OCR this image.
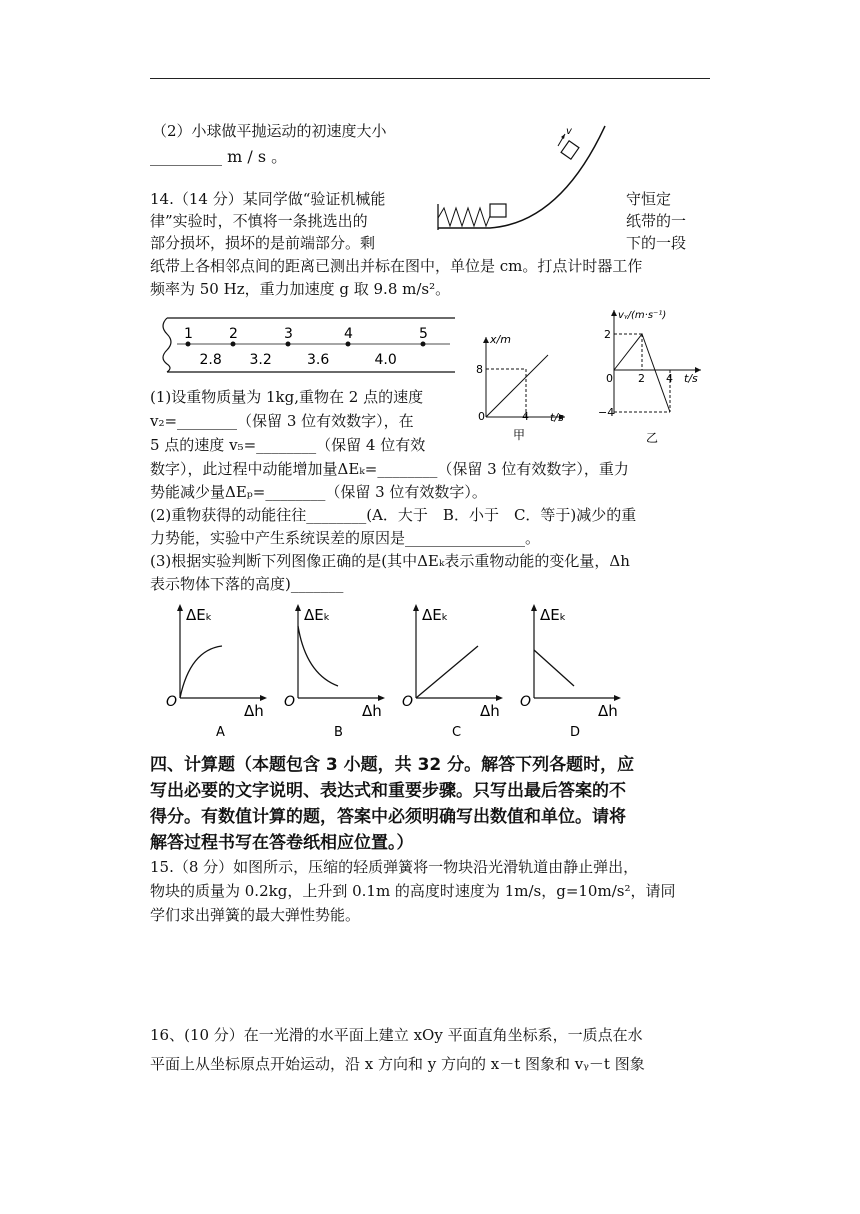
（2）小球做平抛运动的初速度大小
_________ m / s 。
v
14.（14 分）某同学做“验证机械能	守恒定
律”实验时，不慎将一条挑选出的	纸带的一
部分损坏，损坏的是前端部分。剩	下的一段
纸带上各相邻点间的距离已测出并标在图中，单位是 cm。打点计时器工作
频率为 50 Hz，重力加速度 g 取 9.8 m/s²。
1	2	3	4	5
2.8 3.2	3.6	4.0
x/m
8
0	4 t/s
甲
vᵧ/(m·s⁻¹)
2
−4
0 2 4 t/s
乙
(1)设重物质量为 1kg,重物在 2 点的速度
v₂=________（保留 3 位有效数字），在
5 点的速度 v₅=________（保留 4 位有效
数字），此过程中动能增加量ΔEₖ=________（保留 3 位有效数字），重力
势能减少量ΔEₚ=________（保留 3 位有效数字）。
(2)重物获得的动能往往________(A．大于　B．小于　C．等于)减少的重
力势能，实验中产生系统误差的原因是________________。
(3)根据实验判断下列图像正确的是(其中ΔEₖ表示重物动能的变化量，Δh
表示物体下落的高度)_______
ΔEₖ
O	Δh
A
ΔEₖ
O	Δh
B
ΔEₖ
O	Δh
C
ΔEₖ
O	Δh
D
四、计算题（本题包含 3 小题，共 32 分。解答下列各题时，应
写出必要的文字说明、表达式和重要步骤。只写出最后答案的不
得分。有数值计算的题，答案中必须明确写出数值和单位。请将
解答过程书写在答卷纸相应位置。）
15.（8 分）如图所示，压缩的轻质弹簧将一物块沿光滑轨道由静止弹出，
物块的质量为 0.2kg，上升到 0.1m 的高度时速度为 1m/s，g=10m/s²，请同
学们求出弹簧的最大弹性势能。
16、(10 分）在一光滑的水平面上建立 xOy 平面直角坐标系，一质点在水
平面上从坐标原点开始运动，沿 x 方向和 y 方向的 x－t 图象和 vᵧ－t 图象
